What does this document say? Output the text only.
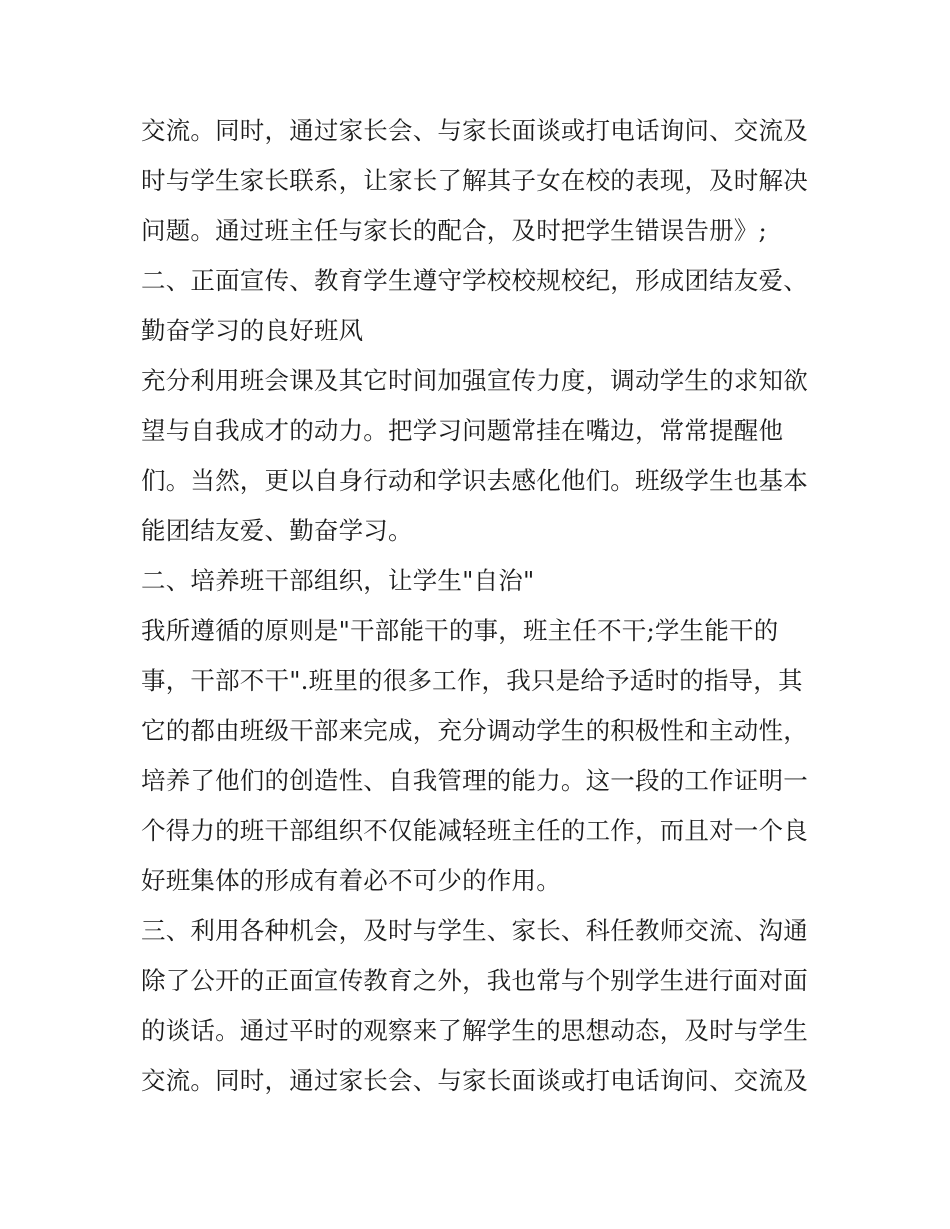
交流。同时，通过家长会、与家长面谈或打电话询问、交流及
时与学生家长联系，让家长了解其子女在校的表现，及时解决
问题。通过班主任与家长的配合，及时把学生错误告册》;
二、正面宣传、教育学生遵守学校校规校纪，形成团结友爱、
勤奋学习的良好班风
充分利用班会课及其它时间加强宣传力度，调动学生的求知欲
望与自我成才的动力。把学习问题常挂在嘴边，常常提醒他
们。当然，更以自身行动和学识去感化他们。班级学生也基本
能团结友爱、勤奋学习。
二、培养班干部组织，让学生"自治"
我所遵循的原则是"干部能干的事，班主任不干;学生能干的
事，干部不干".班里的很多工作，我只是给予适时的指导，其
它的都由班级干部来完成，充分调动学生的积极性和主动性，
培养了他们的创造性、自我管理的能力。这一段的工作证明一
个得力的班干部组织不仅能减轻班主任的工作，而且对一个良
好班集体的形成有着必不可少的作用。
三、利用各种机会，及时与学生、家长、科任教师交流、沟通
除了公开的正面宣传教育之外，我也常与个别学生进行面对面
的谈话。通过平时的观察来了解学生的思想动态，及时与学生
交流。同时，通过家长会、与家长面谈或打电话询问、交流及
